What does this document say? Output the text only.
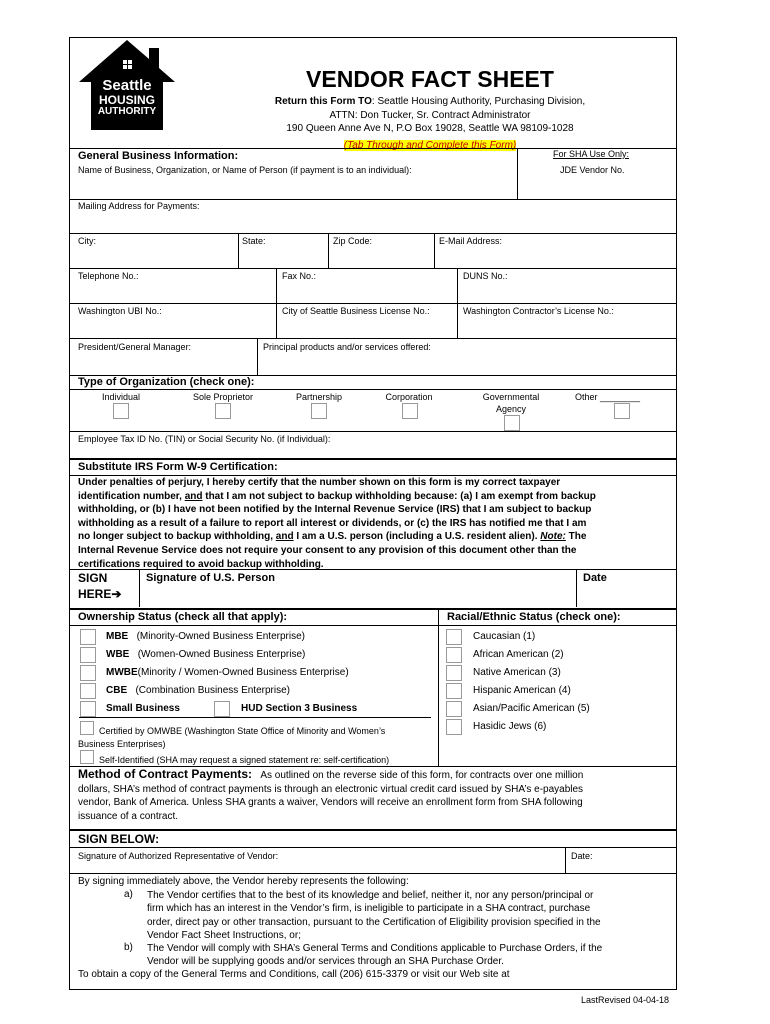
Seattle
HOUSING
AUTHORITY
VENDOR FACT SHEET
Return this Form TO: Seattle Housing Authority, Purchasing Division,
ATTN: Don Tucker, Sr. Contract Administrator
190 Queen Anne Ave N, P.O Box 19028, Seattle WA 98109-1028
(Tab Through and Complete this Form)
General Business Information:
Name of Business, Organization, or Name of Person (if payment is to an individual):
For SHA Use Only:
JDE Vendor No.
Mailing Address for Payments:
City:	State:	Zip Code:	E-Mail Address:
Telephone No.:	Fax No.:	DUNS No.:
Washington UBI No.:	City of Seattle Business License No.:	Washington Contractor’s License No.:
President/General Manager:	Principal products and/or services offered:
Type of Organization (check one):
Individual	Sole Proprietor	Partnership	Corporation	Governmental
Agency
Other ________
Employee Tax ID No. (TIN) or Social Security No. (if Individual):
Substitute IRS Form W-9 Certification:
Under penalties of perjury, I hereby certify that the number shown on this form is my correct taxpayer
identification number, and that I am not subject to backup withholding because: (a) I am exempt from backup
withholding, or (b) I have not been notified by the Internal Revenue Service (IRS) that I am subject to backup
withholding as a result of a failure to report all interest or dividends, or (c) the IRS has notified me that I am
no longer subject to backup withholding, and I am a U.S. person (including a U.S. resident alien). Note: The
Internal Revenue Service does not require your consent to any provision of this document other than the
certifications required to avoid backup withholding.
SIGN
HERE➔
Signature of U.S. Person	Date
Ownership Status (check all that apply):	Racial/Ethnic Status (check one):
MBE (Minority-Owned Business Enterprise)
WBE (Women-Owned Business Enterprise)
MWBE(Minority / Women-Owned Business Enterprise)
CBE (Combination Business Enterprise)
Small Business	HUD Section 3 Business
Certified by OMWBE (Washington State Office of Minority and Women’s
Business Enterprises)
Self-Identified (SHA may request a signed statement re: self-certification)
Caucasian (1)
African American (2)
Native American (3)
Hispanic American (4)
Asian/Pacific American (5)
Hasidic Jews (6)
Method of Contract Payments: As outlined on the reverse side of this form, for contracts over one million
dollars, SHA’s method of contract payments is through an electronic virtual credit card issued by SHA’s e-payables
vendor, Bank of America. Unless SHA grants a waiver, Vendors will receive an enrollment form from SHA following
issuance of a contract.
SIGN BELOW:
Signature of Authorized Representative of Vendor:	Date:
By signing immediately above, the Vendor hereby represents the following:
a) The Vendor certifies that to the best of its knowledge and belief, neither it, nor any person/principal or
firm which has an interest in the Vendor’s firm, is ineligible to participate in a SHA contract, purchase
order, direct pay or other transaction, pursuant to the Certification of Eligibility provision specified in the
Vendor Fact Sheet Instructions, or;
b) The Vendor will comply with SHA’s General Terms and Conditions applicable to Purchase Orders, if the
Vendor will be supplying goods and/or services through an SHA Purchase Order.
To obtain a copy of the General Terms and Conditions, call (206) 615-3379 or visit our Web site at
LastRevised 04-04-18
